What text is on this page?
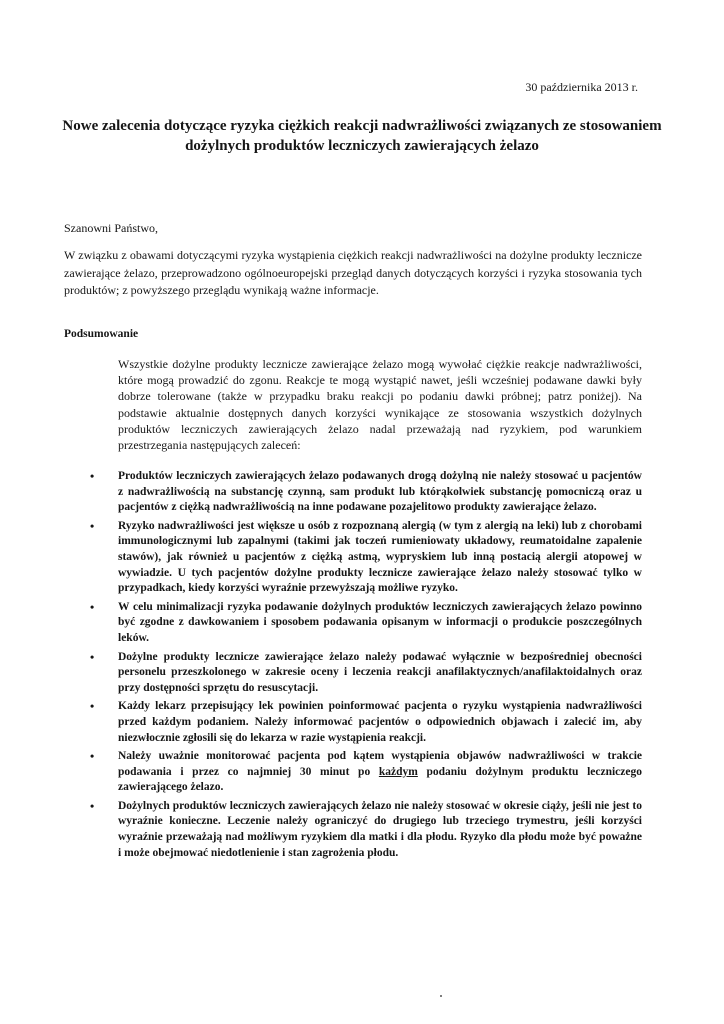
30 października 2013 r.
Nowe zalecenia dotyczące ryzyka ciężkich reakcji nadwrażliwości związanych ze stosowaniem dożylnych produktów leczniczych zawierających żelazo
Szanowni Państwo,

W związku z obawami dotyczącymi ryzyka wystąpienia ciężkich reakcji nadwrażliwości na dożylne produkty lecznicze zawierające żelazo, przeprowadzono ogólnoeuropejski przegląd danych dotyczących korzyści i ryzyka stosowania tych produktów; z powyższego przeglądu wynikają ważne informacje.

Podsumowanie

Wszystkie dożylne produkty lecznicze zawierające żelazo mogą wywołać ciężkie reakcje nadwrażliwości, które mogą prowadzić do zgonu. Reakcje te mogą wystąpić nawet, jeśli wcześniej podawane dawki były dobrze tolerowane (także w przypadku braku reakcji po podaniu dawki próbnej; patrz poniżej). Na podstawie aktualnie dostępnych danych korzyści wynikające ze stosowania wszystkich dożylnych produktów leczniczych zawierających żelazo nadal przeważają nad ryzykiem, pod warunkiem przestrzegania następujących zaleceń:

• Produktów leczniczych zawierających żelazo podawanych drogą dożylną nie należy stosować u pacjentów z nadwrażliwością na substancję czynną, sam produkt lub którąkolwiek substancję pomocniczą oraz u pacjentów z ciężką nadwrażliwością na inne podawane pozajelitowo produkty zawierające żelazo.
• Ryzyko nadwrażliwości jest większe u osób z rozpoznaną alergią (w tym z alergią na leki) lub z chorobami immunologicznymi lub zapalnymi (takimi jak toczeń rumieniowaty układowy, reumatoidalne zapalenie stawów), jak również u pacjentów z ciężką astmą, wypryskiem lub inną postacią alergii atopowej w wywiadzie. U tych pacjentów dożylne produkty lecznicze zawierające żelazo należy stosować tylko w przypadkach, kiedy korzyści wyraźnie przewyższają możliwe ryzyko.
• W celu minimalizacji ryzyka podawanie dożylnych produktów leczniczych zawierających żelazo powinno być zgodne z dawkowaniem i sposobem podawania opisanym w informacji o produkcie poszczególnych leków.
• Dożylne produkty lecznicze zawierające żelazo należy podawać wyłącznie w bezpośredniej obecności personelu przeszkolonego w zakresie oceny i leczenia reakcji anafilaktycznych/anafilaktoidalnych oraz przy dostępności sprzętu do resuscytacji.
• Każdy lekarz przepisujący lek powinien poinformować pacjenta o ryzyku wystąpienia nadwrażliwości przed każdym podaniem. Należy informować pacjentów o odpowiednich objawach i zalecić im, aby niezwłocznie zgłosili się do lekarza w razie wystąpienia reakcji.
• Należy uważnie monitorować pacjenta pod kątem wystąpienia objawów nadwrażliwości w trakcie podawania i przez co najmniej 30 minut po każdym podaniu dożylnym produktu leczniczego zawierającego żelazo.
• Dożylnych produktów leczniczych zawierających żelazo nie należy stosować w okresie ciąży, jeśli nie jest to wyraźnie konieczne. Leczenie należy ograniczyć do drugiego lub trzeciego trymestru, jeśli korzyści wyraźnie przeważają nad możliwym ryzykiem dla matki i dla płodu. Ryzyko dla płodu może być poważne i może obejmować niedotlenienie i stan zagrożenia płodu.
